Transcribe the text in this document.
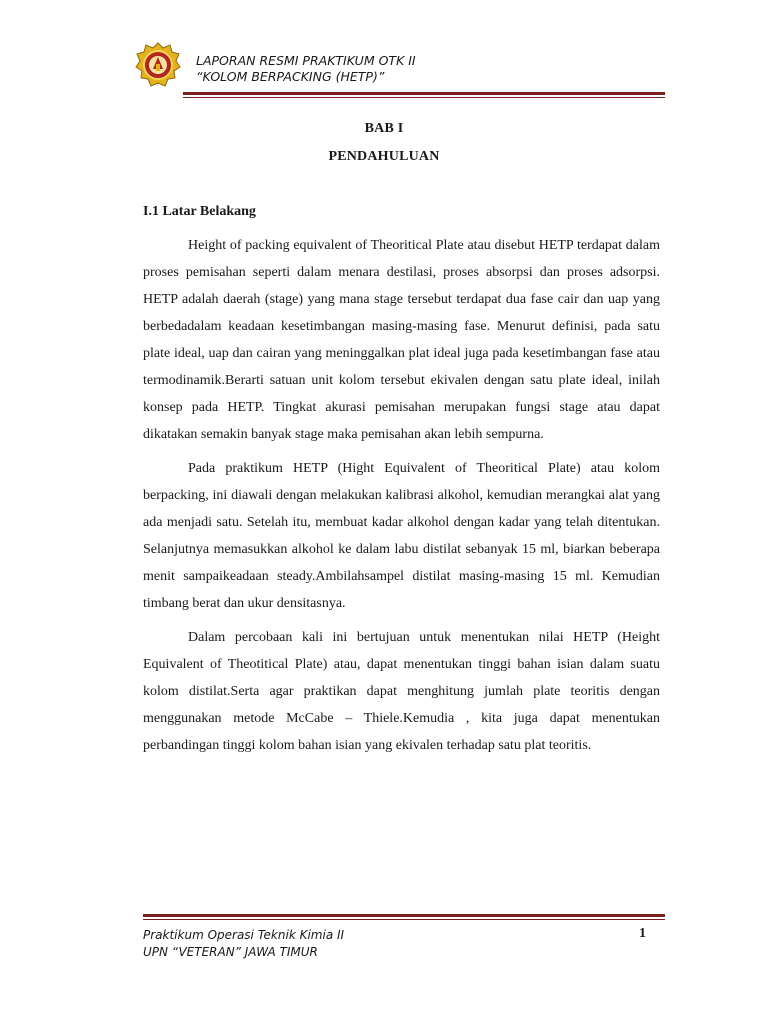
LAPORAN RESMI PRAKTIKUM OTK II
“KOLOM BERPACKING (HETP)”
BAB I
PENDAHULUAN
I.1 Latar Belakang

Height of packing equivalent of Theoritical Plate atau disebut HETP terdapat dalam proses pemisahan seperti dalam menara destilasi, proses absorpsi dan proses adsorpsi. HETP adalah daerah (stage) yang mana stage tersebut terdapat dua fase cair dan uap yang berbedadalam keadaan kesetimbangan masing-masing fase. Menurut definisi, pada satu plate ideal, uap dan cairan yang meninggalkan plat ideal juga pada kesetimbangan fase atau termodinamik.Berarti satuan unit kolom tersebut ekivalen dengan satu plate ideal, inilah konsep pada HETP. Tingkat akurasi pemisahan merupakan fungsi stage atau dapat dikatakan semakin banyak stage maka pemisahan akan lebih sempurna.

Pada praktikum HETP (Hight Equivalent of Theoritical Plate) atau kolom berpacking, ini diawali dengan melakukan kalibrasi alkohol, kemudian merangkai alat yang ada menjadi satu. Setelah itu, membuat kadar alkohol dengan kadar yang telah ditentukan. Selanjutnya memasukkan alkohol ke dalam labu distilat sebanyak 15 ml, biarkan beberapa menit sampaikeadaan steady.Ambilahsampel distilat masing-masing 15 ml. Kemudian timbang berat dan ukur densitasnya.

Dalam percobaan kali ini bertujuan untuk menentukan nilai HETP (Height Equivalent of Theotitical Plate) atau, dapat menentukan tinggi bahan isian dalam suatu kolom distilat.Serta agar praktikan dapat menghitung jumlah plate teoritis dengan menggunakan metode McCabe – Thiele.Kemudia , kita juga dapat menentukan perbandingan tinggi kolom bahan isian yang ekivalen terhadap satu plat teoritis.

Praktikum Operasi Teknik Kimia II
UPN “VETERAN” JAWA TIMUR
1
